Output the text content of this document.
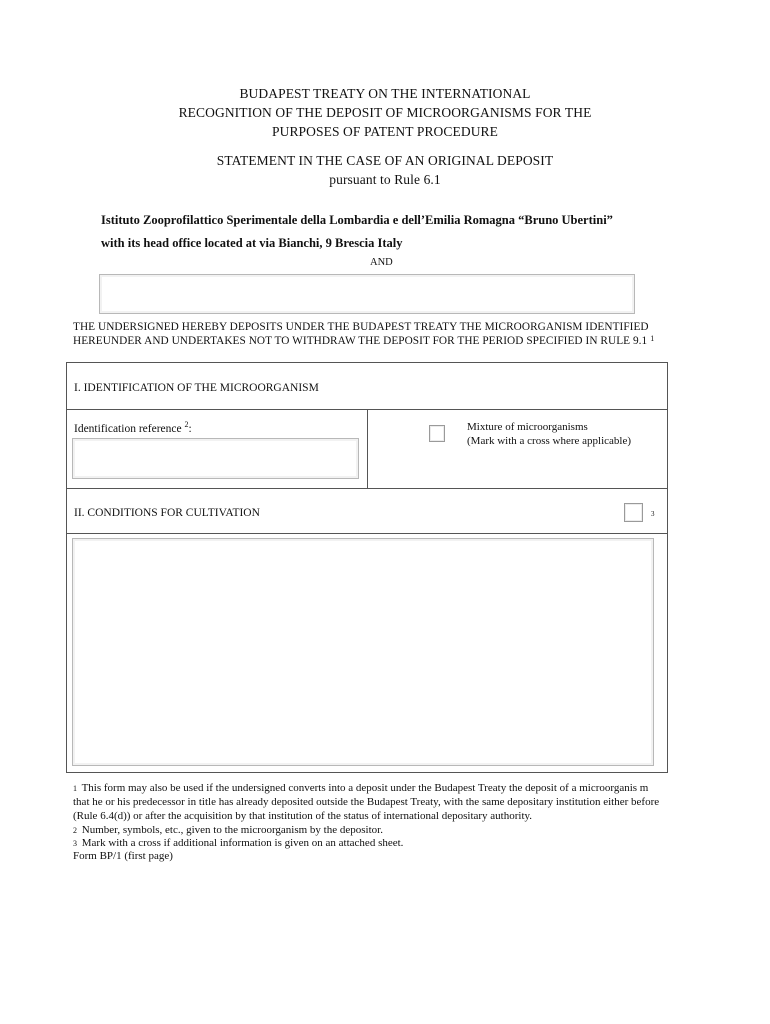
BUDAPEST TREATY ON THE INTERNATIONAL
RECOGNITION OF THE DEPOSIT OF MICROORGANISMS FOR THE
PURPOSES OF PATENT PROCEDURE
STATEMENT IN THE CASE OF AN ORIGINAL DEPOSIT
pursuant to Rule 6.1
Istituto Zooprofilattico Sperimentale della Lombardia e dell’Emilia Romagna “Bruno Ubertini”
with its head office located at via Bianchi, 9 Brescia Italy
AND
THE UNDERSIGNED HEREBY DEPOSITS UNDER THE BUDAPEST TREATY THE MICROORGANISM IDENTIFIED
HEREUNDER AND UNDERTAKES NOT TO WITHDRAW THE DEPOSIT FOR THE PERIOD SPECIFIED IN RULE 9.1 $^1$
I. IDENTIFICATION OF THE MICROORGANISM
Identification reference $^2$:	Mixture of microorganisms
(Mark with a cross where applicable)
II. CONDITIONS FOR CULTIVATION	3
1 This form may also be used if the undersigned converts into a deposit under the Budapest Treaty the deposit of a microorganis m
that he or his predecessor in title has already deposited outside the Budapest Treaty, with the same depositary institution either before
(Rule 6.4(d)) or after the acquisition by that institution of the status of international depositary authority.
2 Number, symbols, etc., given to the microorganism by the depositor.
3 Mark with a cross if additional information is given on an attached sheet.
Form BP/1 (first page)
